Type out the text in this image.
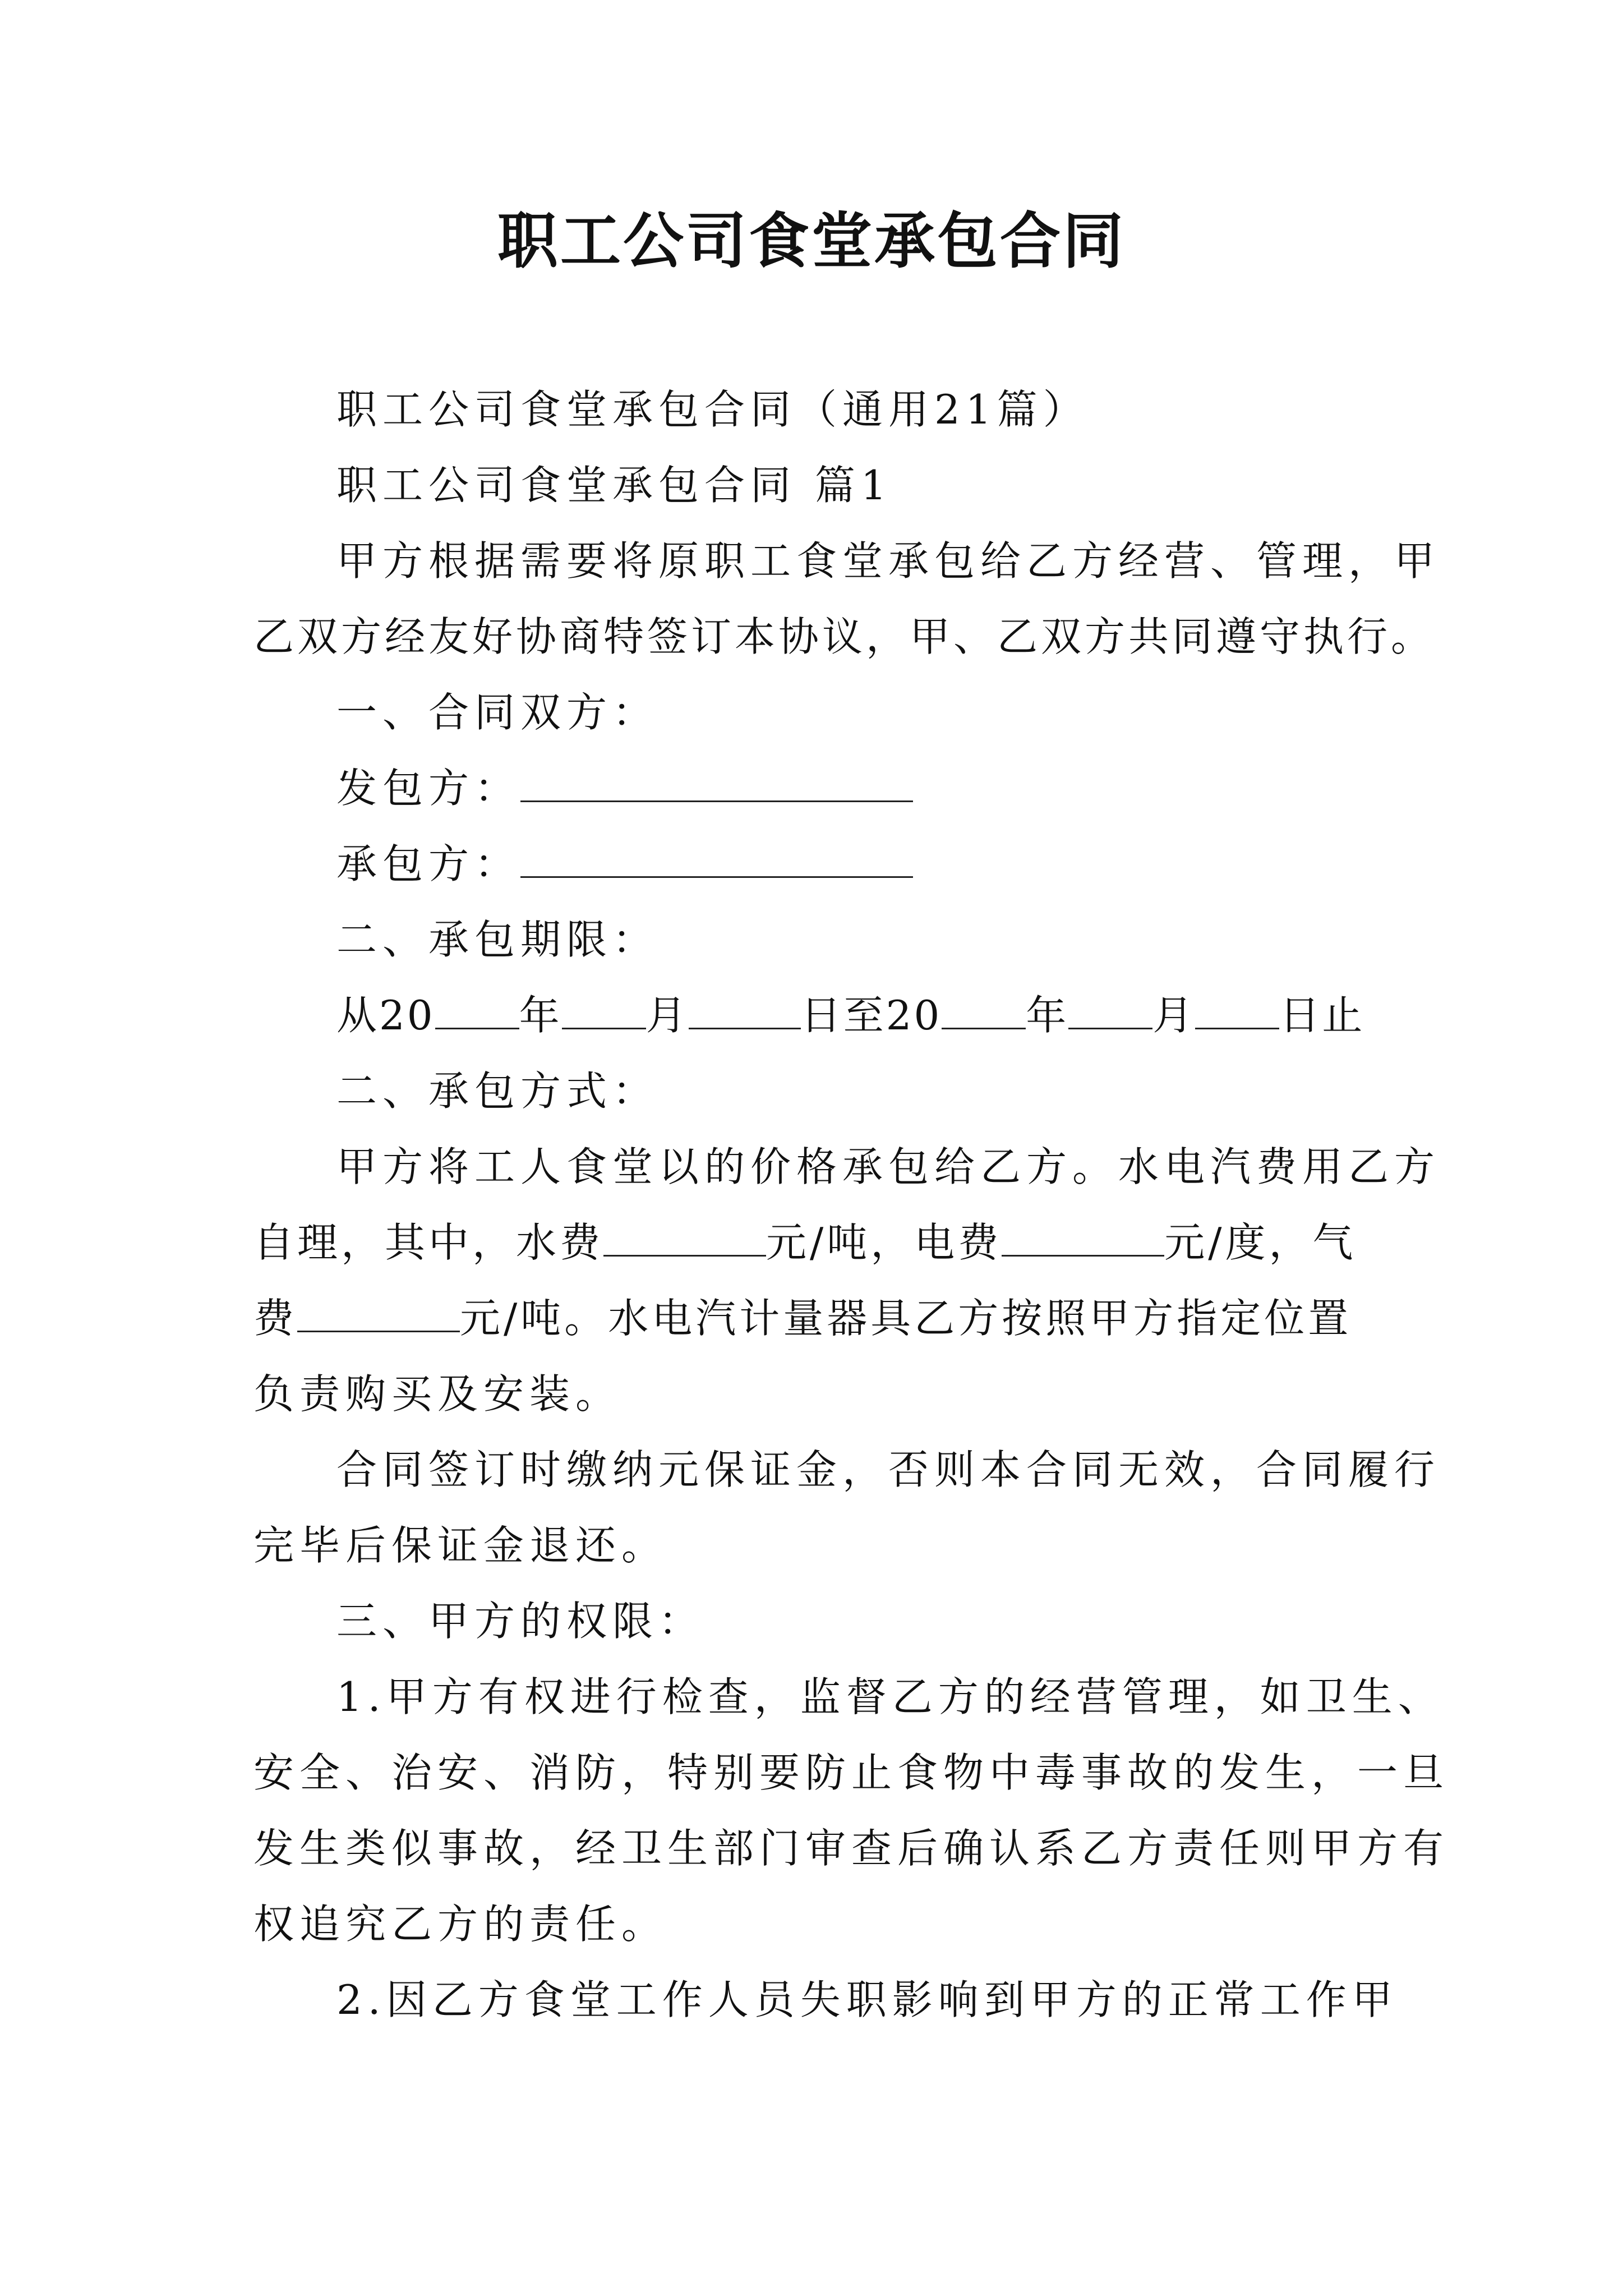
职工公司食堂承包合同
职工公司食堂承包合同（通用21篇）
职工公司食堂承包合同 篇1
甲方根据需要将原职工食堂承包给乙方经营、管理，甲
乙双方经友好协商特签订本协议，甲、乙双方共同遵守执行。
一、合同双方：
发包方：
承包方：
二、承包期限：
从20 年 月	日至20 年 月 日止
二、承包方式：
甲方将工人食堂以的价格承包给乙方。水电汽费用乙方
自理，其中，水费	元/吨，电费	元/度，气
费	元/吨。水电汽计量器具乙方按照甲方指定位置
负责购买及安装。
合同签订时缴纳元保证金，否则本合同无效，合同履行
完毕后保证金退还。
三、甲方的权限：
1.甲方有权进行检查，监督乙方的经营管理，如卫生、
安全、治安、消防，特别要防止食物中毒事故的发生，一旦
发生类似事故，经卫生部门审查后确认系乙方责任则甲方有
权追究乙方的责任。
2.因乙方食堂工作人员失职影响到甲方的正常工作甲
